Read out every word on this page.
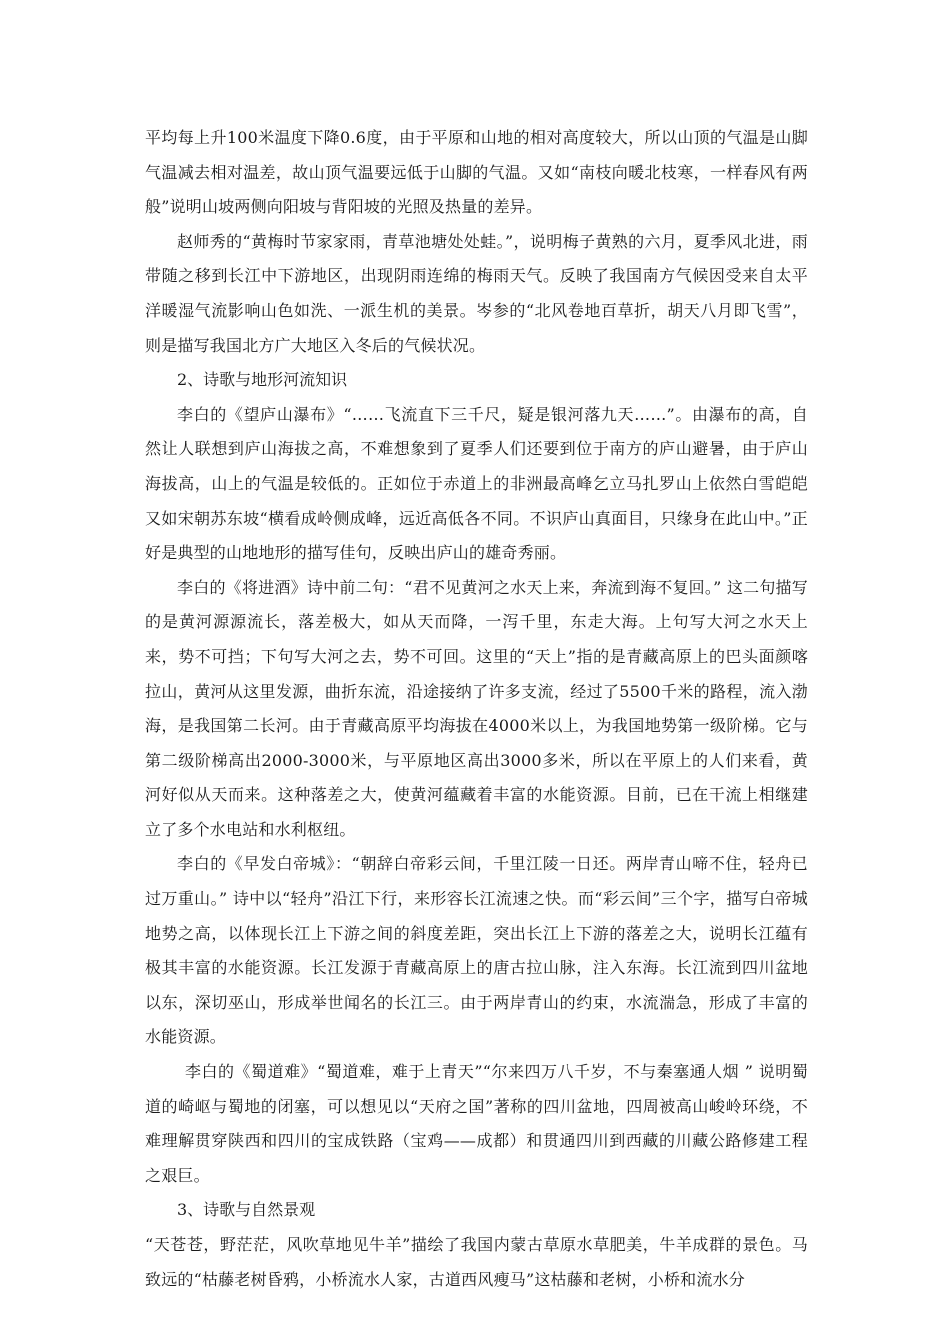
平均每上升100米温度下降0.6度，由于平原和山地的相对高度较大，所以山顶的气温是山脚气温减去相对温差，故山顶气温要远低于山脚的气温。又如“南枝向暖北枝寒，一样春风有两般”说明山坡两侧向阳坡与背阳坡的光照及热量的差异。

赵师秀的“黄梅时节家家雨，青草池塘处处蛙。”，说明梅子黄熟的六月，夏季风北进，雨带随之移到长江中下游地区，出现阴雨连绵的梅雨天气。反映了我国南方气候因受来自太平洋暖湿气流影响山色如洗、一派生机的美景。岑参的“北风卷地百草折，胡天八月即飞雪”，则是描写我国北方广大地区入冬后的气候状况。

2、诗歌与地形河流知识

李白的《望庐山瀑布》“……飞流直下三千尺，疑是银河落九天……”。由瀑布的高，自然让人联想到庐山海拔之高，不难想象到了夏季人们还要到位于南方的庐山避暑，由于庐山海拔高，山上的气温是较低的。正如位于赤道上的非洲最高峰乞立马扎罗山上依然白雪皑皑又如宋朝苏东坡“横看成岭侧成峰，远近高低各不同。不识庐山真面目，只缘身在此山中。”正好是典型的山地地形的描写佳句，反映出庐山的雄奇秀丽。

李白的《将进酒》诗中前二句：“君不见黄河之水天上来，奔流到海不复回。” 这二句描写的是黄河源源流长，落差极大，如从天而降，一泻千里，东走大海。上句写大河之水天上来，势不可挡；下句写大河之去，势不可回。这里的“天上”指的是青藏高原上的巴头面颜喀拉山，黄河从这里发源，曲折东流，沿途接纳了许多支流，经过了5500千米的路程，流入渤海，是我国第二长河。由于青藏高原平均海拔在4000米以上，为我国地势第一级阶梯。它与第二级阶梯高出2000-3000米，与平原地区高出3000多米，所以在平原上的人们来看，黄河好似从天而来。这种落差之大，使黄河蕴藏着丰富的水能资源。目前，已在干流上相继建立了多个水电站和水利枢纽。

李白的《早发白帝城》：“朝辞白帝彩云间，千里江陵一日还。两岸青山啼不住，轻舟已过万重山。” 诗中以“轻舟”沿江下行，来形容长江流速之快。而“彩云间”三个字，描写白帝城地势之高，以体现长江上下游之间的斜度差距，突出长江上下游的落差之大，说明长江蕴有极其丰富的水能资源。长江发源于青藏高原上的唐古拉山脉，注入东海。长江流到四川盆地以东，深切巫山，形成举世闻名的长江三。由于两岸青山的约束，水流湍急，形成了丰富的水能资源。

李白的《蜀道难》“蜀道难，难于上青天”“尔来四万八千岁，不与秦塞通人烟 ” 说明蜀道的崎岖与蜀地的闭塞，可以想见以“天府之国”著称的四川盆地，四周被高山峻岭环绕，不难理解贯穿陕西和四川的宝成铁路（宝鸡——成都）和贯通四川到西藏的川藏公路修建工程之艰巨。

3、诗歌与自然景观

“天苍苍，野茫茫，风吹草地见牛羊”描绘了我国内蒙古草原水草肥美，牛羊成群的景色。马致远的“枯藤老树昏鸦，小桥流水人家，古道西风瘦马”这枯藤和老树，小桥和流水分
